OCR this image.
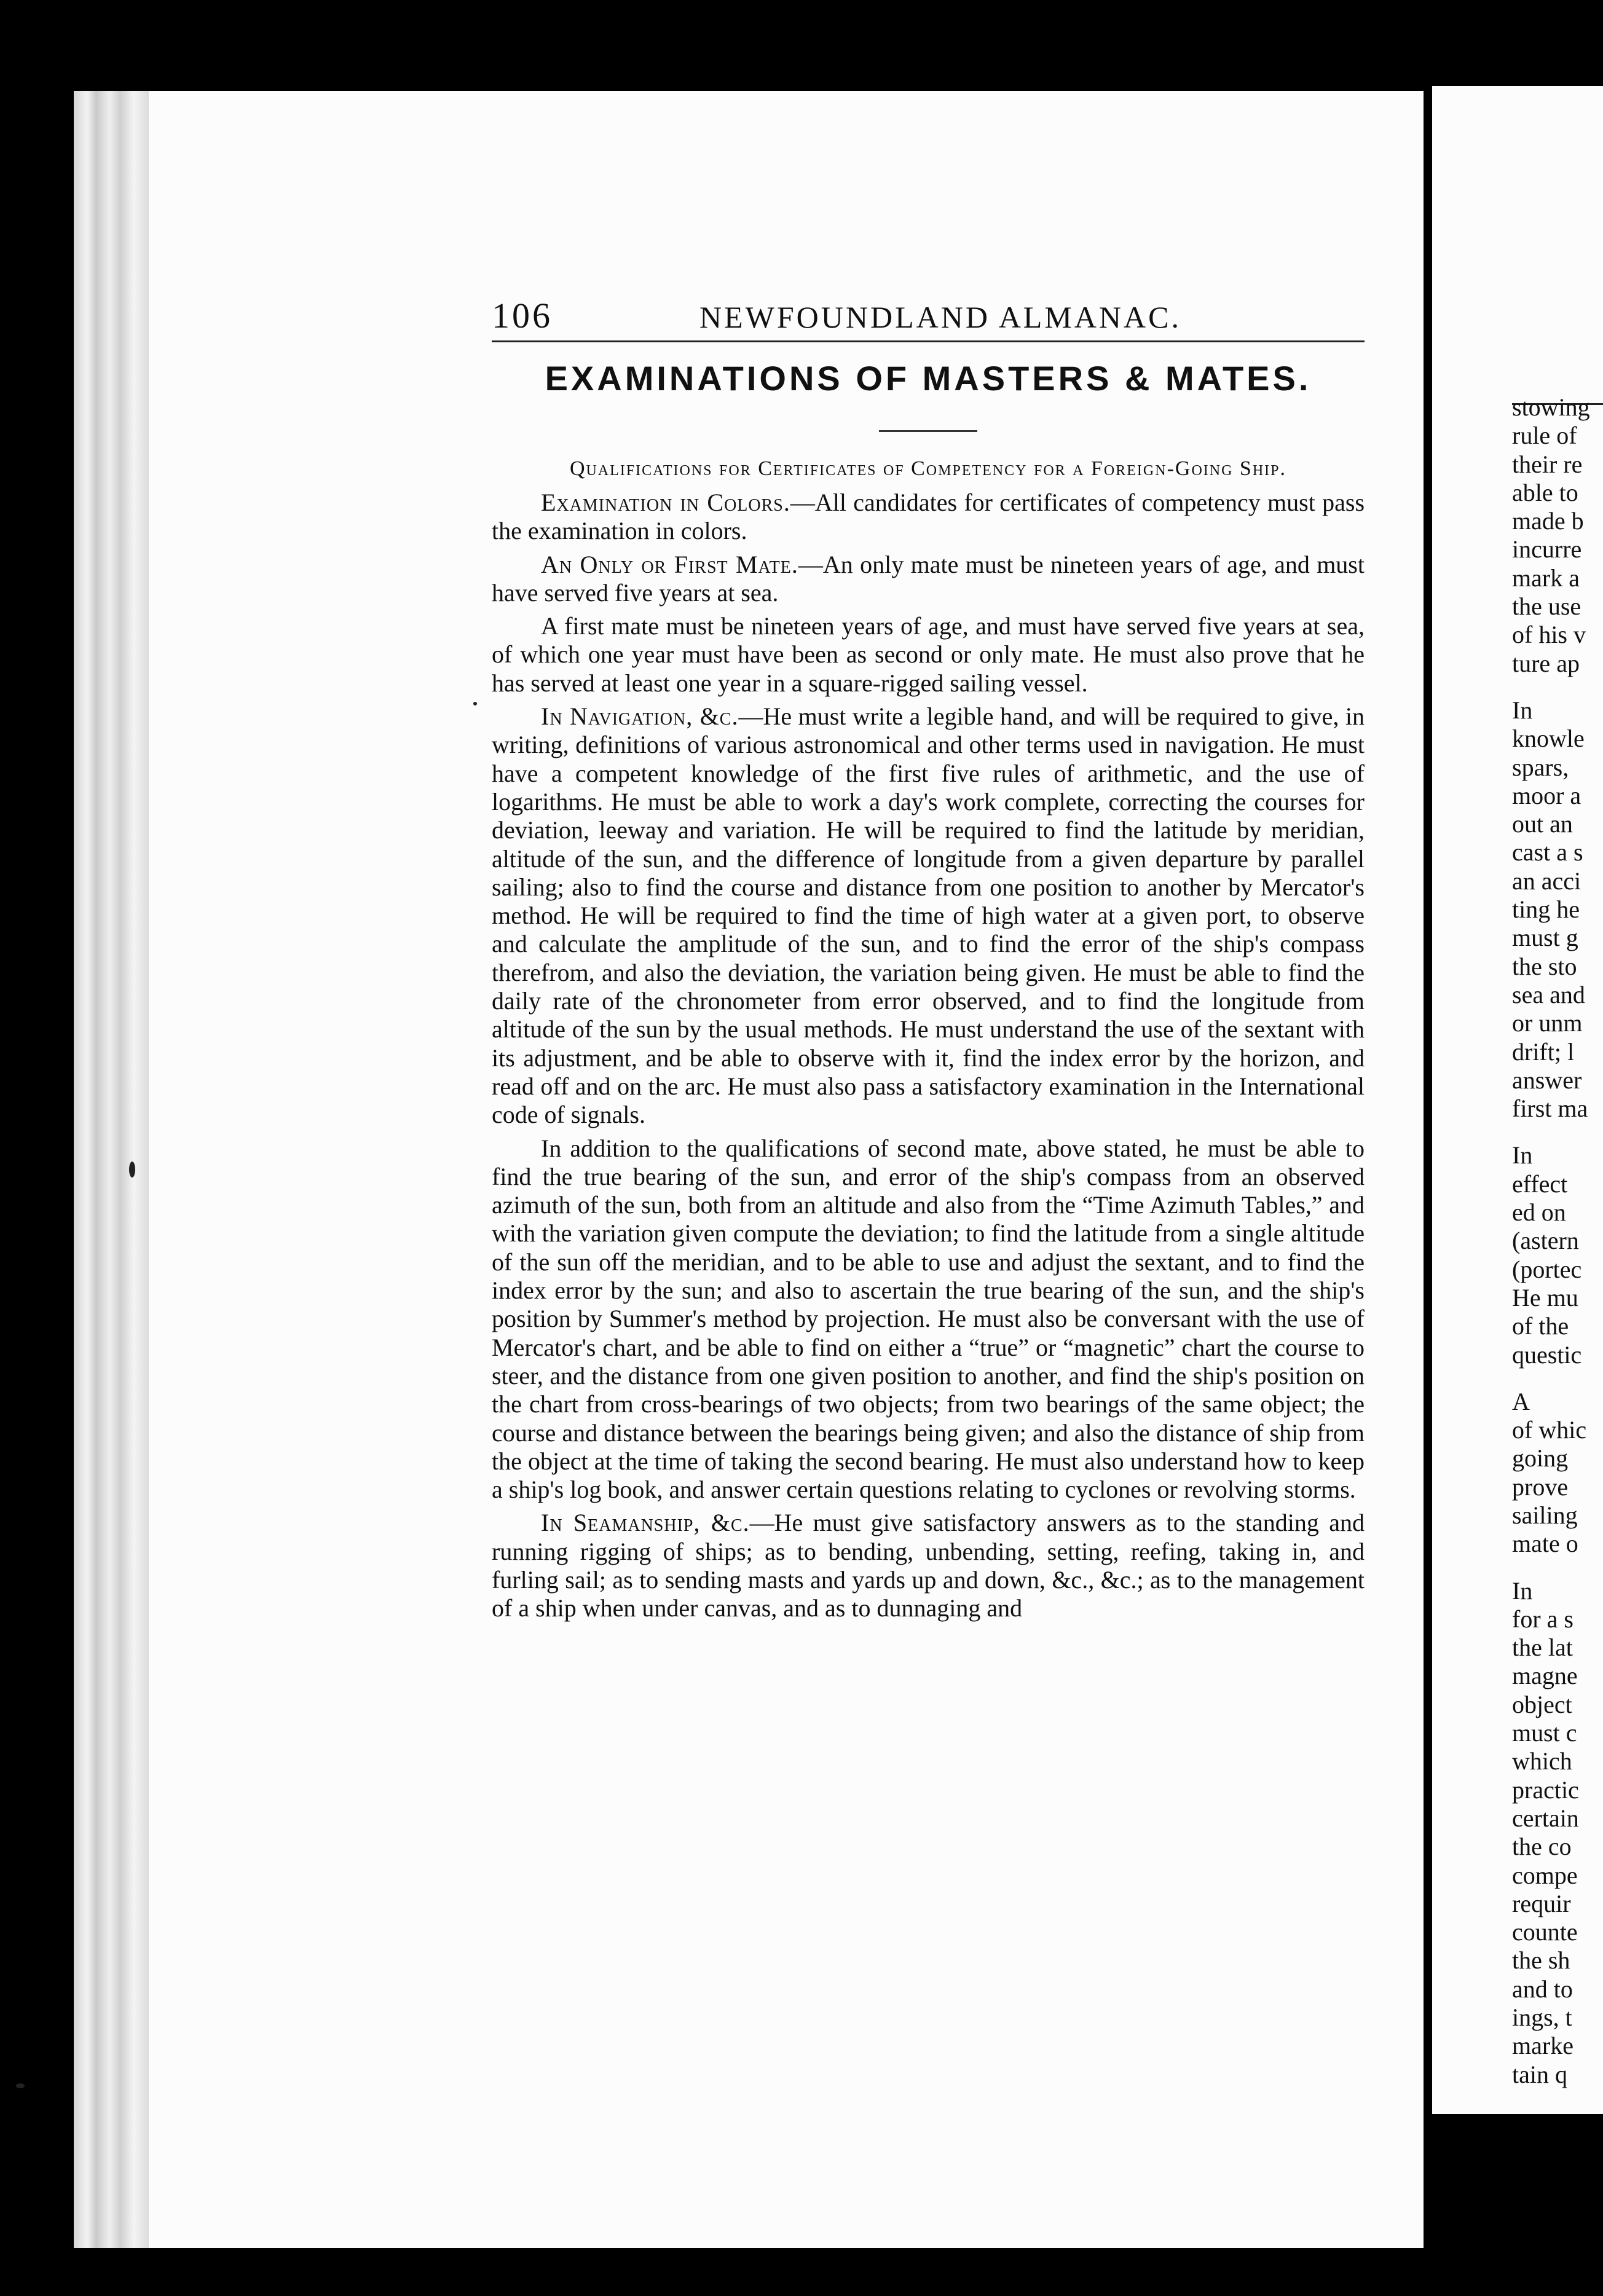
106	NEWFOUNDLAND ALMANAC.
EXAMINATIONS OF MASTERS & MATES.
Qualifications for Certificates of Competency for a Foreign-Going Ship.

Examination in Colors.—All candidates for certificates of competency must pass the examination in colors.

An Only or First Mate.—An only mate must be nineteen years of age, and must have served five years at sea.

A first mate must be nineteen years of age, and must have served five years at sea, of which one year must have been as second or only mate. He must also prove that he has served at least one year in a square-rigged sailing vessel.

In Navigation, &c.—He must write a legible hand, and will be required to give, in writing, definitions of various astronomical and other terms used in navigation. He must have a competent knowledge of the first five rules of arithmetic, and the use of logarithms. He must be able to work a day's work complete, correcting the courses for deviation, leeway and variation. He will be required to find the latitude by meridian, altitude of the sun, and the difference of longitude from a given departure by parallel sailing; also to find the course and distance from one position to another by Mercator's method. He will be required to find the time of high water at a given port, to observe and calculate the amplitude of the sun, and to find the error of the ship's compass therefrom, and also the deviation, the variation being given. He must be able to find the daily rate of the chronometer from error observed, and to find the longitude from altitude of the sun by the usual methods. He must understand the use of the sextant with its adjustment, and be able to observe with it, find the index error by the horizon, and read off and on the arc. He must also pass a satisfactory examination in the International code of signals.

In addition to the qualifications of second mate, above stated, he must be able to find the true bearing of the sun, and error of the ship's compass from an observed azimuth of the sun, both from an altitude and also from the “Time Azimuth Tables,” and with the variation given compute the deviation; to find the latitude from a single altitude of the sun off the meridian, and to be able to use and adjust the sextant, and to find the index error by the sun; and also to ascertain the true bearing of the sun, and the ship's position by Summer's method by projection. He must also be conversant with the use of Mercator's chart, and be able to find on either a “true” or “magnetic” chart the course to steer, and the distance from one given position to another, and find the ship's position on the chart from cross-bearings of two objects; from two bearings of the same object; the course and distance between the bearings being given; and also the distance of ship from the object at the time of taking the second bearing. He must also understand how to keep a ship's log book, and answer certain questions relating to cyclones or revolving storms.

In Seamanship, &c.—He must give satisfactory answers as to the standing and running rigging of ships; as to bending, unbending, setting, reefing, taking in, and furling sail; as to sending masts and yards up and down, &c., &c.; as to the management of a ship when under canvas, and as to dunnaging and

stowing
rule of
their re
able to
made b
incurre
mark a
the use
of his v
ture ap
In
knowle
spars,
moor a
out an
cast a s
an acci
ting he
must g
the sto
sea and
or unm
drift; l
answer
first ma
In
effect
ed on
(astern
(portec
He mu
of the
questic
A
of whic
going
prove
sailing
mate o
In
for a s
the lat
magne
object
must c
which
practic
certain
the co
compe
requir
counte
the sh
and to
ings, t
marke
tain q
